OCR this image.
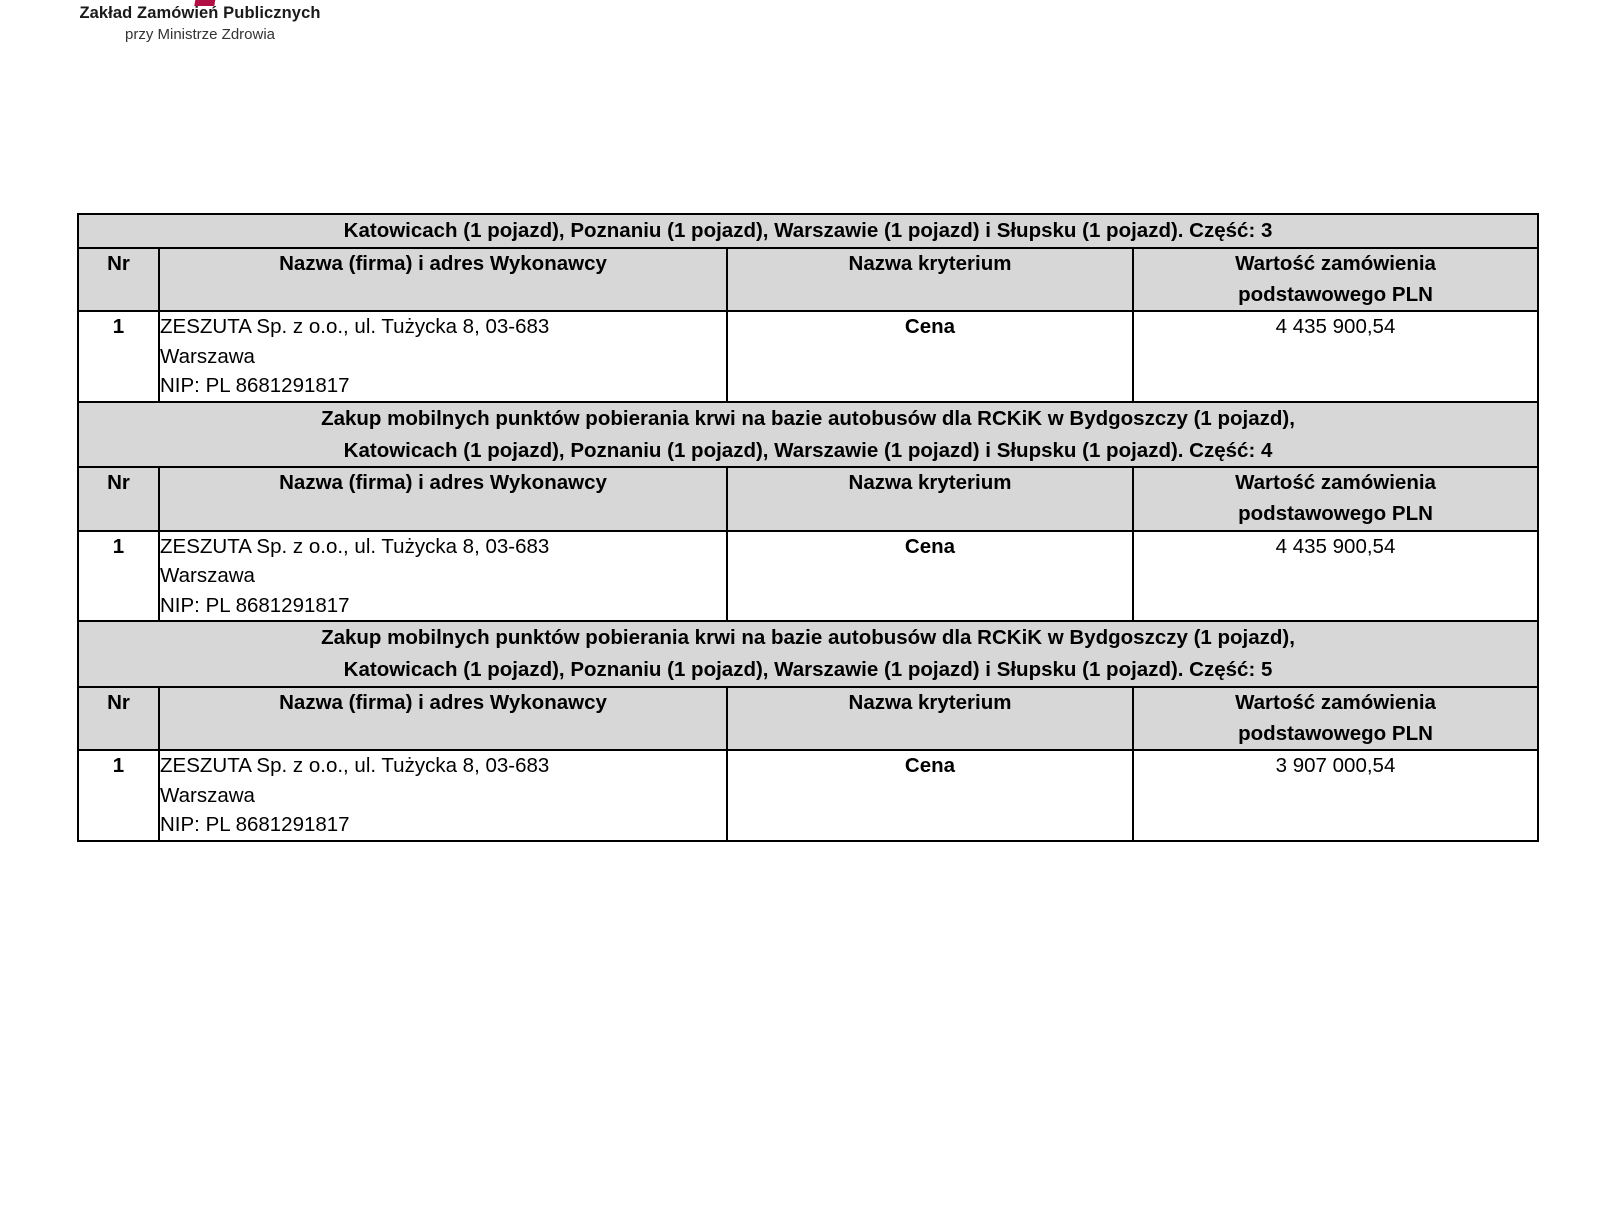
Zakład Zamówień Publicznych
przy Ministrze Zdrowia
Katowicach (1 pojazd), Poznaniu (1 pojazd), Warszawie (1 pojazd) i Słupsku (1 pojazd). Część: 3			
Nr	Nazwa (firma) i adres Wykonawcy	Nazwa kryterium	Wartość zamówienia
podstawowego PLN
1	ZESZUTA Sp. z o.o., ul. Tużycka 8, 03-683
Warszawa
NIP: PL 8681291817	Cena	4 435 900,54
Zakup mobilnych punktów pobierania krwi na bazie autobusów dla RCKiK w Bydgoszczy (1 pojazd),
Katowicach (1 pojazd), Poznaniu (1 pojazd), Warszawie (1 pojazd) i Słupsku (1 pojazd). Część: 4			
Nr	Nazwa (firma) i adres Wykonawcy	Nazwa kryterium	Wartość zamówienia
podstawowego PLN
1	ZESZUTA Sp. z o.o., ul. Tużycka 8, 03-683
Warszawa
NIP: PL 8681291817	Cena	4 435 900,54
Zakup mobilnych punktów pobierania krwi na bazie autobusów dla RCKiK w Bydgoszczy (1 pojazd),
Katowicach (1 pojazd), Poznaniu (1 pojazd), Warszawie (1 pojazd) i Słupsku (1 pojazd). Część: 5			
Nr	Nazwa (firma) i adres Wykonawcy	Nazwa kryterium	Wartość zamówienia
podstawowego PLN
1	ZESZUTA Sp. z o.o., ul. Tużycka 8, 03-683
Warszawa
NIP: PL 8681291817	Cena	3 907 000,54
